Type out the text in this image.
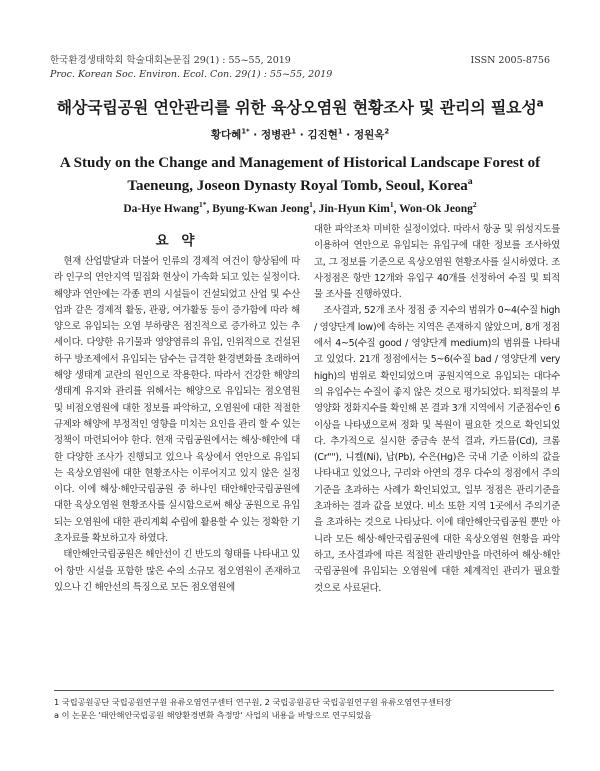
한국환경생태학회 학술대회논문집 29(1) : 55~55, 2019	ISSN 2005-8756
Proc. Korean Soc. Environ. Ecol. Con. 29(1) : 55~55, 2019
해상국립공원 연안관리를 위한 육상오염원 현황조사 및 관리의 필요성$^a$
황다혜$^{1*}$ · 정병관$^1$ · 김진현$^1$ · 정원옥$^2$
A Study on the Change and Management of Historical Landscape Forest of Taeneung, Joseon Dynasty Royal Tomb, Seoul, Korea$^a$
Da-Hye Hwang$^{1*}$, Byung-Kwan Jeong$^1$, Jin-Hyun Kim$^1$, Won-Ok Jeong$^2$
요 약

현재 산업발달과 더불어 인류의 경제적 여건이 향상됨에 따라 인구의 연안지역 밀집화 현상이 가속화 되고 있는 실정이다. 해양과 연안에는 각종 편의 시설들이 건설되었고 산업 및 수산업과 같은 경제적 활동, 관광, 여가활동 등이 증가함에 따라 해양으로 유입되는 오염 부하량은 점진적으로 증가하고 있는 추세이다. 다양한 유기물과 영양염류의 유입, 인위적으로 건설된 하구 방조제에서 유입되는 담수는 급격한 환경변화를 초래하여 해양 생태계 교란의 원인으로 작용한다. 따라서 건강한 해양의 생태계 유지와 관리를 위해서는 해양으로 유입되는 점오염원 및 비점오염원에 대한 정보를 파악하고, 오염원에 대한 적절한 규제와 해양에 부정적인 영향을 미치는 요인을 관리 할 수 있는 정책이 마련되어야 한다. 현재 국립공원에서는 해상·해안에 대한 다양한 조사가 진행되고 있으나 육상에서 연안으로 유입되는 육상오염원에 대한 현황조사는 이루어지고 있지 않은 실정이다. 이에 해상·해안국립공원 중 하나인 태안해안국립공원에 대한 육상오염원 현황조사를 실시함으로써 해상 공원으로 유입되는 오염원에 대한 관리계획 수립에 활용할 수 있는 정확한 기초자료를 확보하고자 하였다.

태안해안국립공원은 해안선이 긴 반도의 형태를 나타내고 있어 항만 시설을 포함한 많은 수의 소규모 점오염원이 존재하고 있으나 긴 해안선의 특징으로 모든 점오염원에

대한 파악조차 미비한 실정이었다. 따라서 항공 및 위성지도를 이용하여 연안으로 유입되는 유입구에 대한 정보를 조사하였고, 그 정보를 기준으로 육상오염원 현황조사를 실시하였다. 조사정점은 항만 12개와 유입구 40개를 선정하여 수질 및 퇴적물 조사를 진행하였다.

조사결과, 52개 조사 정점 중 지수의 범위가 0~4(수질 high / 영양단계 low)에 속하는 지역은 존재하지 않았으며, 8개 정점에서 4~5(수질 good / 영양단계 medium)의 범위를 나타내고 있었다. 21개 정점에서는 5~6(수질 bad / 영양단계 very high)의 범위로 확인되었으며 공원지역으로 유입되는 대다수의 유입수는 수질이 좋지 않은 것으로 평가되었다. 퇴적물의 부영양화 정화지수를 확인해 본 결과 3개 지역에서 기준점수인 6이상을 나타냈으로써 정화 및 복원이 필요한 것으로 확인되었다. 추가적으로 실시한 중금속 분석 결과, 카드뮴(Cd), 크롬(Cr""), 니켈(Ni), 납(Pb), 수은(Hg)은 국내 기준 이하의 값을 나타내고 있었으나, 구리와 아연의 경우 다수의 정점에서 주의기준을 초과하는 사례가 확인되었고, 일부 정점은 관리기준을 초과하는 결과 값을 보였다. 비소 또한 지역 1곳에서 주의기준을 초과하는 것으로 나타났다. 이에 태안해안국립공원 뿐만 아니라 모든 해상·해안국립공원에 대한 육상오염원 현황을 파악하고, 조사결과에 따른 적절한 관리방안을 마련하여 해상·해안국립공원에 유입되는 오염원에 대한 체계적인 관리가 필요할 것으로 사료된다.

1 국립공원공단 국립공원연구원 유류오염연구센터 연구원, 2 국립공원공단 국립공원연구원 유류오염연구센터장
a 이 논문은 '태안해안국립공원 해양환경변화 측정망' 사업의 내용을 바탕으로 연구되었음
